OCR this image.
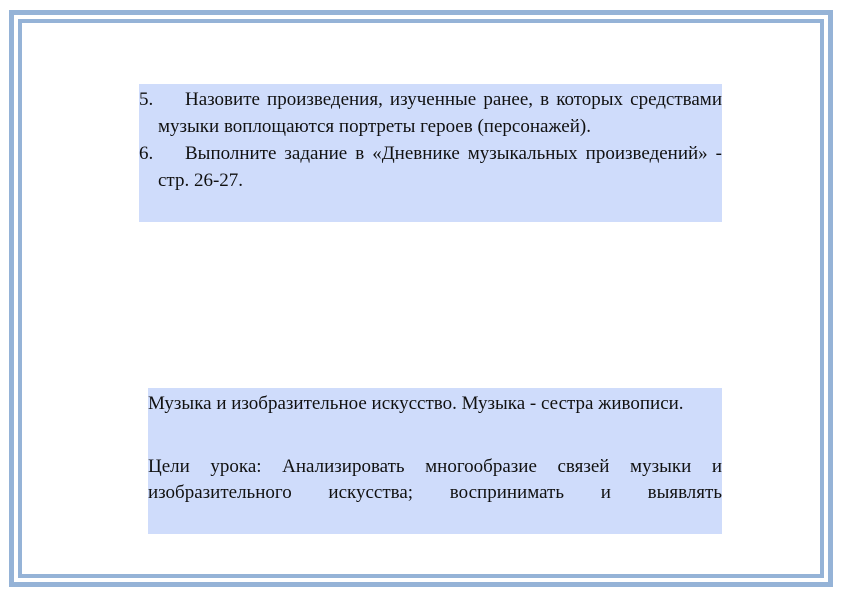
5.	Назовите произведения, изученные ранее, в которых средствами музыки воплощаются портреты героев (персонажей).
6.	Выполните задание в «Дневнике музыкальных произведений» - стр. 26-27.

Музыка и изобразительное искусство. Музыка - сестра живописи.

Цели урока: Анализировать многообразие связей музыки и изобразительного искусства; воспринимать и выявлять
